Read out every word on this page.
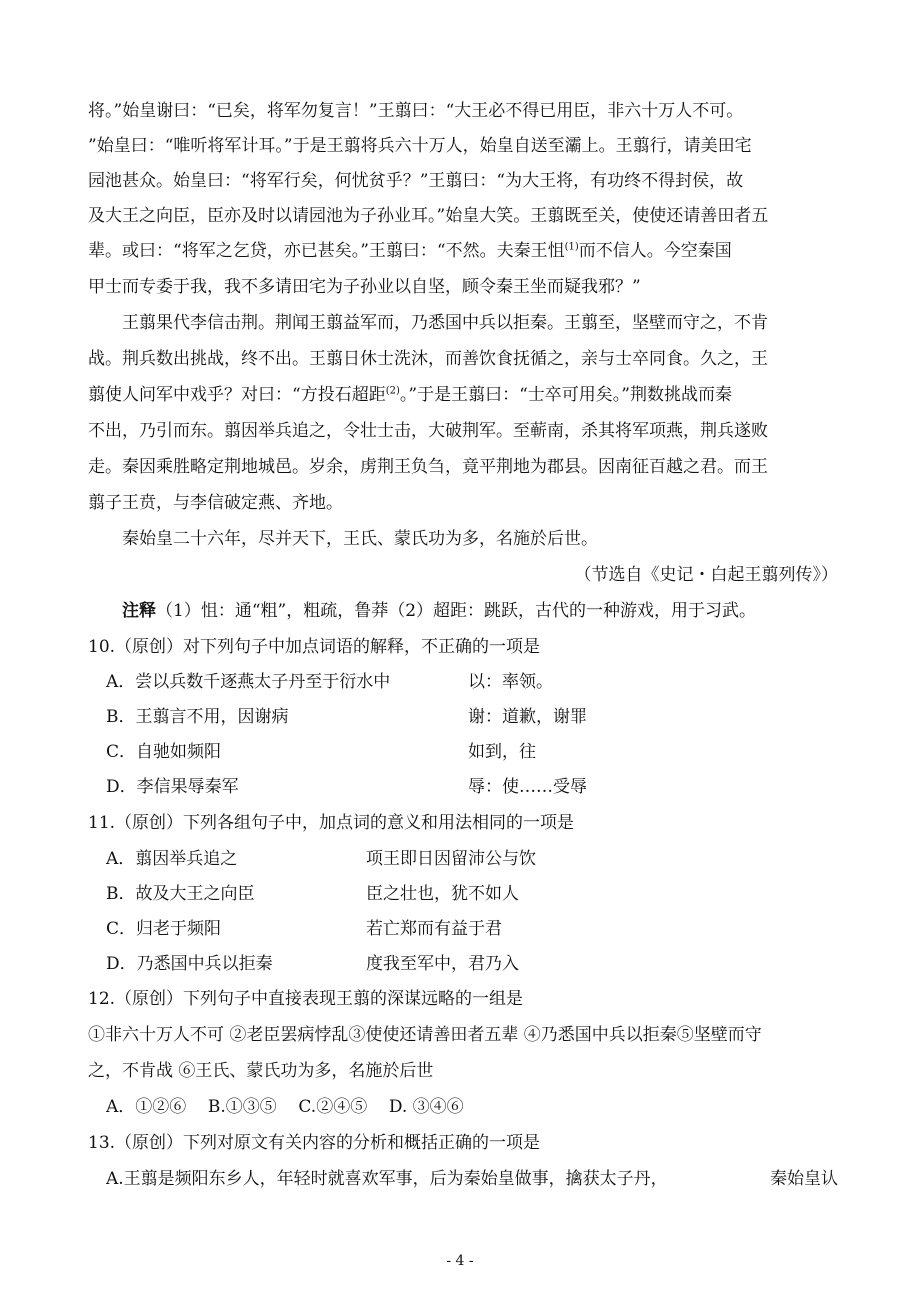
将。”始皇谢曰：“已矣，将军勿复言！”王翦曰：“大王必不得已用臣，非六十万人不可。
”始皇曰：“唯听将军计耳。”于是王翦将兵六十万人，始皇自送至灞上。王翦行，请美田宅
园池甚众。始皇曰：“将军行矣，何忧贫乎？”王翦曰：“为大王将，有功终不得封侯，故
及大王之向臣，臣亦及时以请园池为子孙业耳。”始皇大笑。王翦既至关，使使还请善田者五
辈。或曰：“将军之乞贷，亦已甚矣。”王翦曰：“不然。夫秦王怚$^{(1)}$而不信人。今空秦国
甲士而专委于我，我不多请田宅为子孙业以自坚，顾令秦王坐而疑我邪？”
王翦果代李信击荆。荆闻王翦益军而，乃悉国中兵以拒秦。王翦至，坚壁而守之，不肯
战。荆兵数出挑战，终不出。王翦日休士洗沐，而善饮食抚循之，亲与士卒同食。久之，王
翦使人问军中戏乎？对曰：“方投石超距$^{(2)}$。”于是王翦曰：“士卒可用矣。”荆数挑战而秦
不出，乃引而东。翦因举兵追之，令壮士击，大破荆军。至蕲南，杀其将军项燕，荆兵遂败
走。秦因乘胜略定荆地城邑。岁余，虏荆王负刍，竟平荆地为郡县。因南征百越之君。而王
翦子王贲，与李信破定燕、齐地。
秦始皇二十六年，尽并天下，王氏、蒙氏功为多，名施於后世。
（节选自《史记・白起王翦列传》）
注释（1）怚：通“粗”，粗疏，鲁莽（2）超距：跳跃，古代的一种游戏，用于习武。
10.（原创）对下列句子中加点词语的解释，不正确的一项是
A．尝以兵数千逐燕太子丹至于衍水中	以：率领。
B．王翦言不用，因谢病	谢：道歉，谢罪
C．自驰如频阳	如到，往
D．李信果辱秦军	辱：使……受辱
11.（原创）下列各组句子中，加点词的意义和用法相同的一项是
A．翦因举兵追之	项王即日因留沛公与饮
B．故及大王之向臣	臣之壮也，犹不如人
C．归老于频阳	若亡郑而有益于君
D．乃悉国中兵以拒秦	度我至军中，君乃入
12.（原创）下列句子中直接表现王翦的深谋远略的一组是
①非六十万人不可 ②老臣罢病悖乱③使使还请善田者五辈 ④乃悉国中兵以拒秦⑤坚壁而守
之，不肯战 ⑥王氏、蒙氏功为多，名施於后世
A．①②⑥    B.①③⑤    C.②④⑤    D. ③④⑥
13.（原创）下列对原文有关内容的分析和概括正确的一项是
A.王翦是频阳东乡人，年轻时就喜欢军事，后为秦始皇做事，擒获太子丹，	秦始皇认
- 4 -
